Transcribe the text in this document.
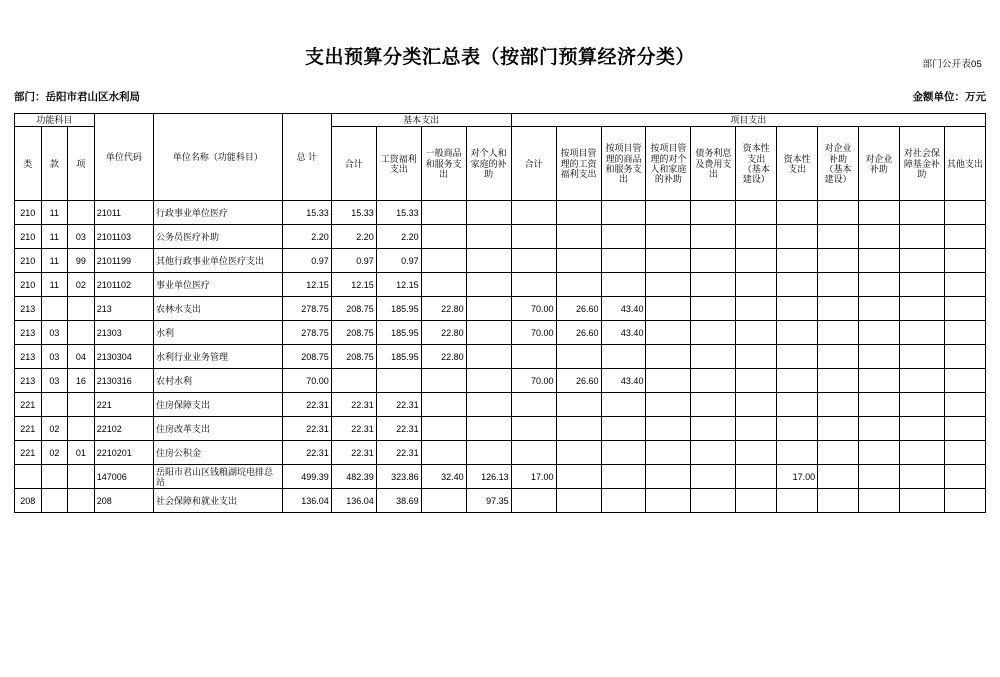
部门公开表05
支出预算分类汇总表（按部门预算经济分类）
部门：岳阳市君山区水利局	金额单位：万元
功能科目			单位代码	单位名称（功能科目）	总 计	基本支出				项目支出										
类	款	项				合计	工资福利支出	一般商品和服务支出	对个人和家庭的补助	合计	按项目管理的工资福利支出	按项目管理的商品和服务支出	按项目管理的对个人和家庭的补助	债务利息及费用支出	资本性支出（基本建设）	资本性支出	对企业补助（基本建设）	对企业补助	对社会保障基金补助	其他支出
210	11		21011	行政事业单位医疗	15.33	15.33	15.33													
210	11	03	2101103	公务员医疗补助	2.20	2.20	2.20													
210	11	99	2101199	其他行政事业单位医疗支出	0.97	0.97	0.97													
210	11	02	2101102	事业单位医疗	12.15	12.15	12.15													
213			213	农林水支出	278.75	208.75	185.95	22.80		70.00	26.60	43.40								
213	03		21303	水利	278.75	208.75	185.95	22.80		70.00	26.60	43.40								
213	03	04	2130304	水利行业业务管理	208.75	208.75	185.95	22.80												
213	03	16	2130316	农村水利	70.00					70.00	26.60	43.40								
221			221	住房保障支出	22.31	22.31	22.31													
221	02		22102	住房改革支出	22.31	22.31	22.31													
221	02	01	2210201	住房公积金	22.31	22.31	22.31													
			147006	岳阳市君山区钱粮湖垸电排总站	499.39	482.39	323.86	32.40	126.13	17.00						17.00				
208			208	社会保障和就业支出	136.04	136.04	38.69		97.35											
